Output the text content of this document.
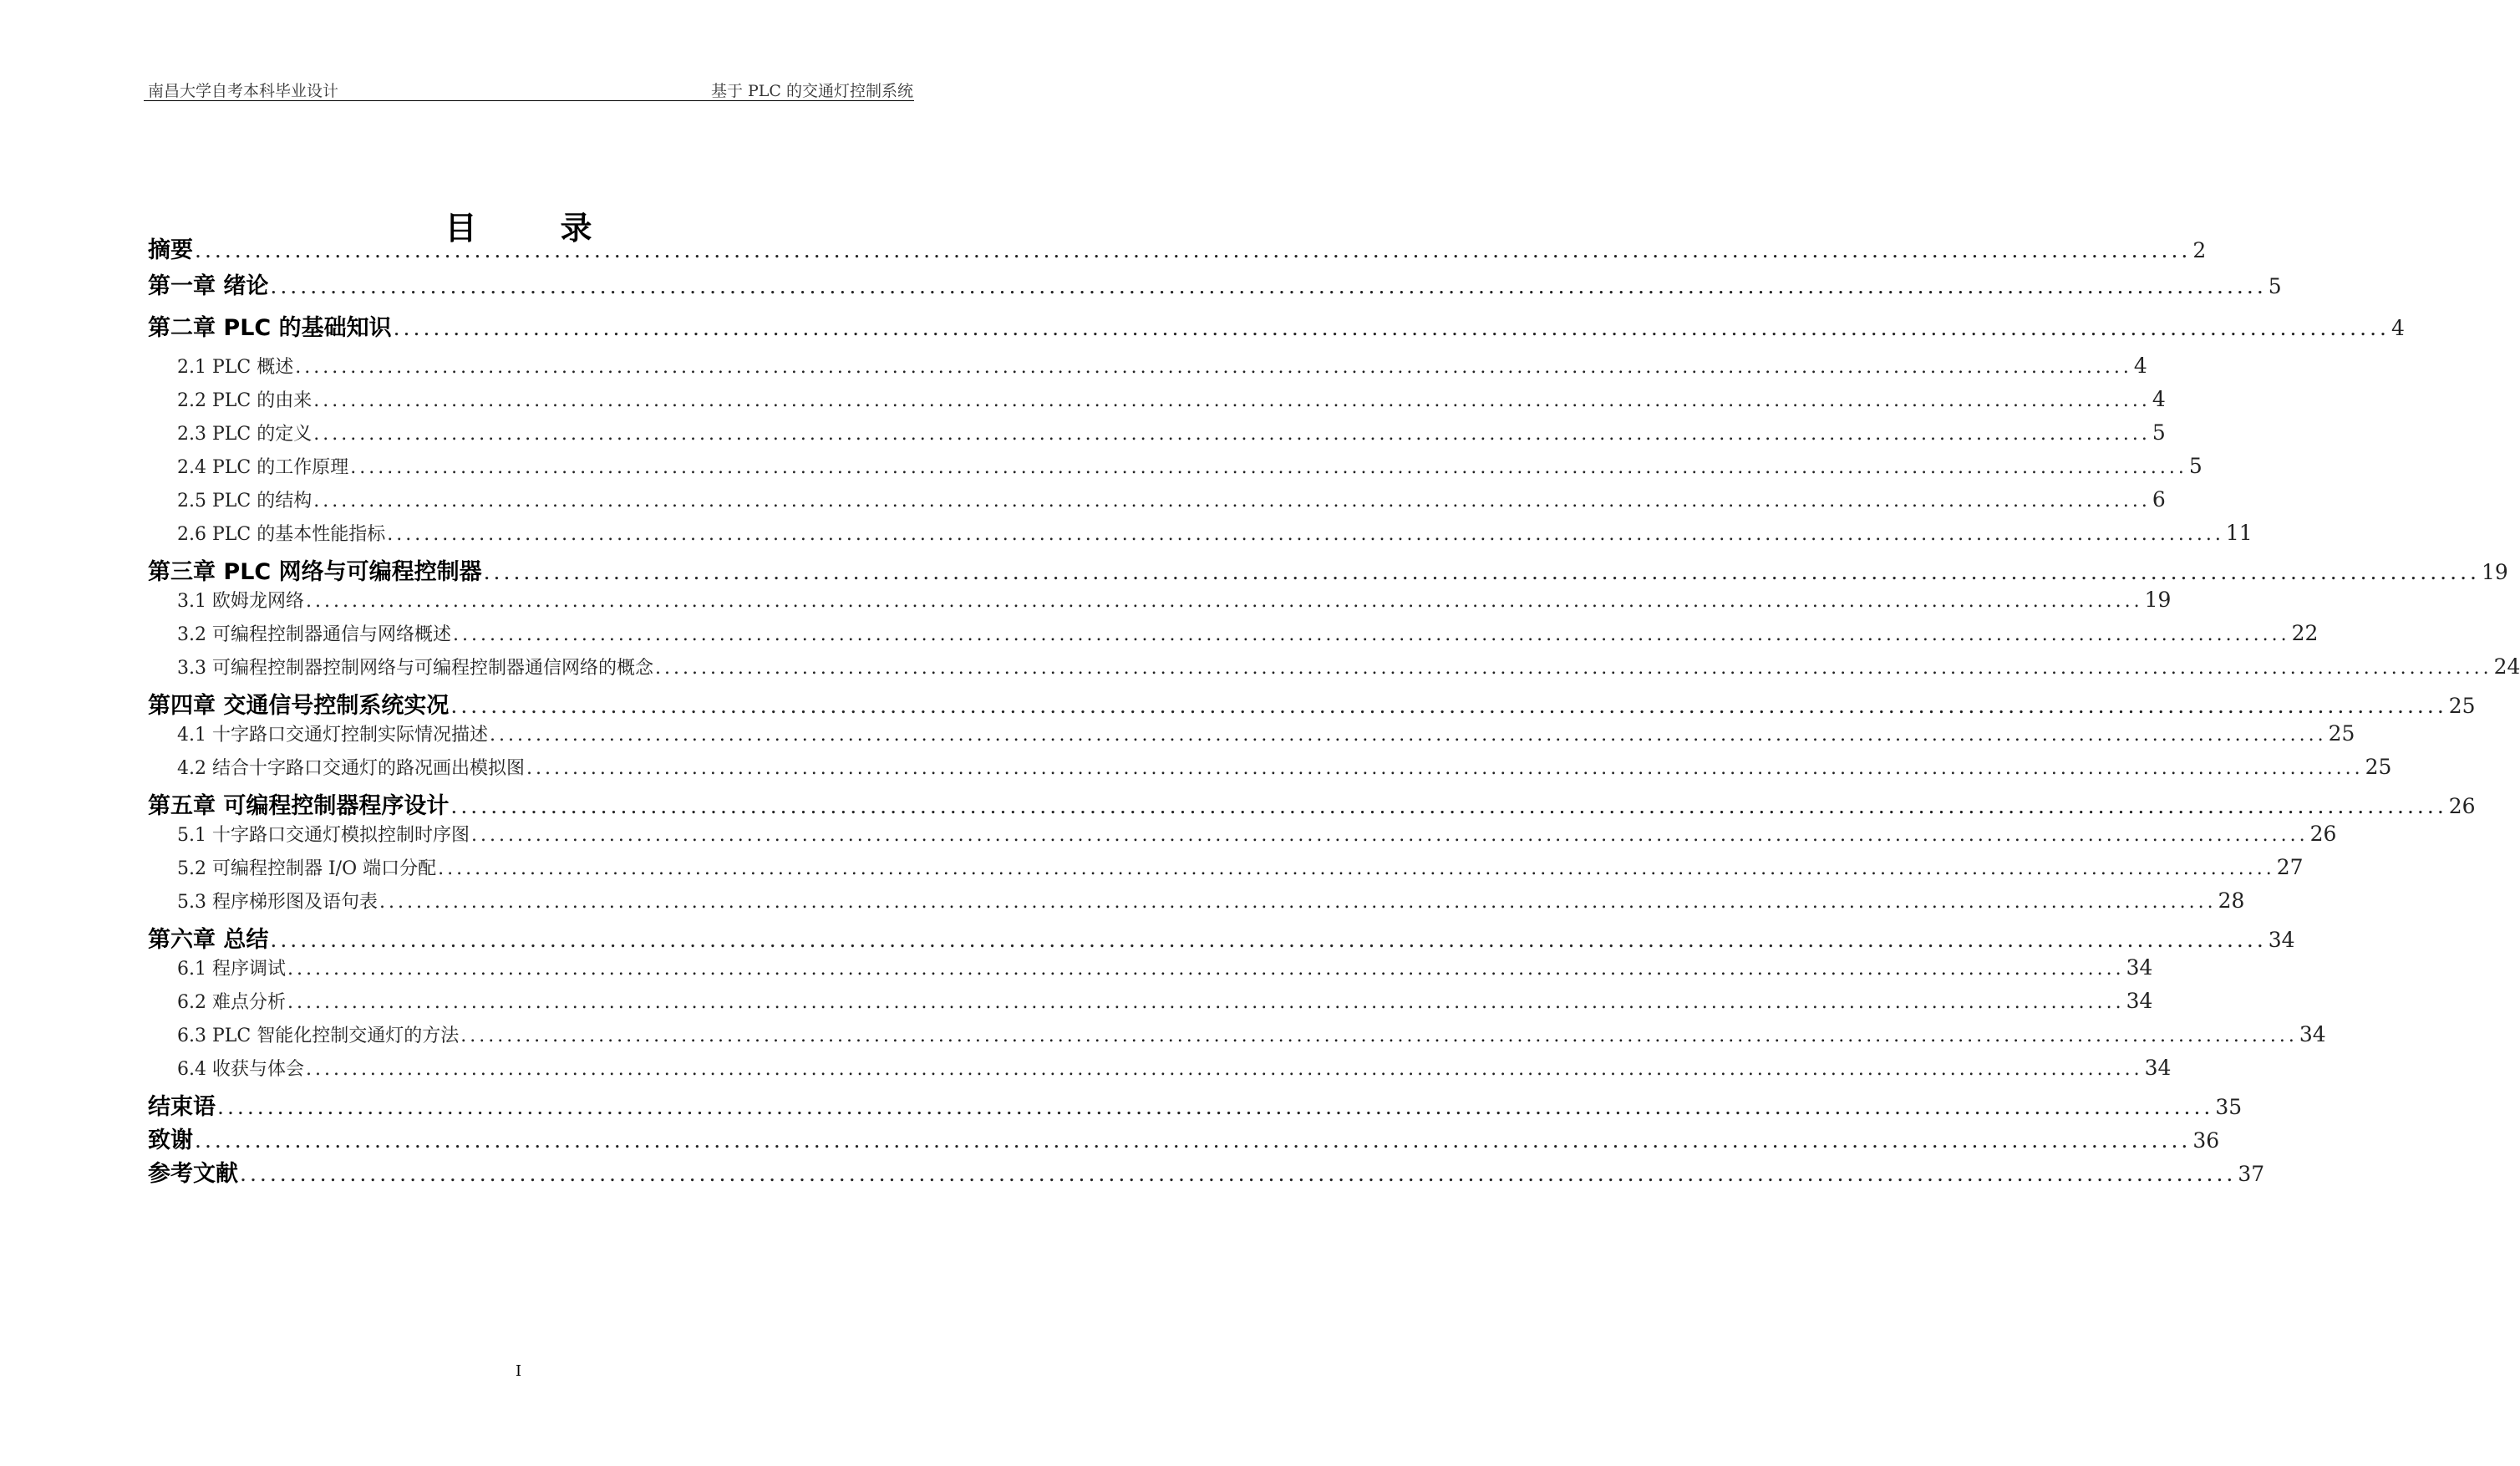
南昌大学自考本科毕业设计	基于 PLC 的交通灯控制系统
目录
摘要 ........................................................................................................................................................................................................ 2
第一章 绪论 ........................................................................................................................................................................................................ 5
第二章 PLC 的基础知识 ........................................................................................................................................................................................................ 4
2.1 PLC 概述 ........................................................................................................................................................................................................ 4
2.2 PLC 的由来 ........................................................................................................................................................................................................ 4
2.3 PLC 的定义 ........................................................................................................................................................................................................ 5
2.4 PLC 的工作原理 ........................................................................................................................................................................................................ 5
2.5 PLC 的结构 ........................................................................................................................................................................................................ 6
2.6 PLC 的基本性能指标 ........................................................................................................................................................................................................ 11
第三章 PLC 网络与可编程控制器 ........................................................................................................................................................................................................ 19
3.1 欧姆龙网络 ........................................................................................................................................................................................................ 19
3.2 可编程控制器通信与网络概述 ........................................................................................................................................................................................................ 22
3.3 可编程控制器控制网络与可编程控制器通信网络的概念 ........................................................................................................................................................................................................ 24
第四章 交通信号控制系统实况 ........................................................................................................................................................................................................ 25
4.1 十字路口交通灯控制实际情况描述 ........................................................................................................................................................................................................ 25
4.2 结合十字路口交通灯的路况画出模拟图 ........................................................................................................................................................................................................ 25
第五章 可编程控制器程序设计 ........................................................................................................................................................................................................ 26
5.1 十字路口交通灯模拟控制时序图 ........................................................................................................................................................................................................ 26
5.2 可编程控制器 I/O 端口分配 ........................................................................................................................................................................................................ 27
5.3 程序梯形图及语句表 ........................................................................................................................................................................................................ 28
第六章 总结 ........................................................................................................................................................................................................ 34
6.1 程序调试 ........................................................................................................................................................................................................ 34
6.2 难点分析 ........................................................................................................................................................................................................ 34
6.3 PLC 智能化控制交通灯的方法 ........................................................................................................................................................................................................ 34
6.4 收获与体会 ........................................................................................................................................................................................................ 34
结束语 ........................................................................................................................................................................................................ 35
致谢 ........................................................................................................................................................................................................ 36
参考文献 ........................................................................................................................................................................................................ 37
I
